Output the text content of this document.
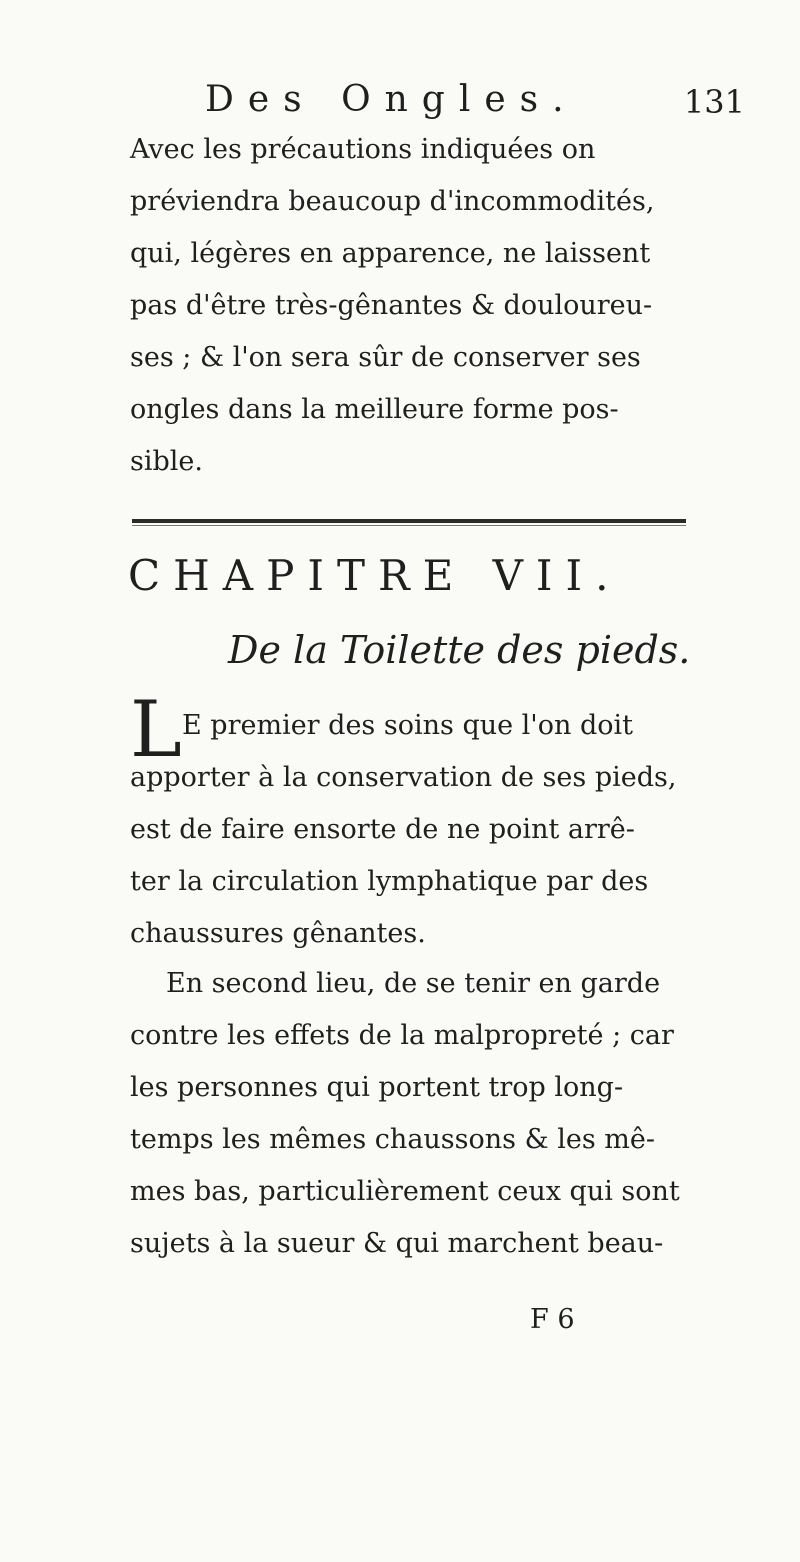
Des Ongles.	131

Avec les précautions indiquées on
préviendra beaucoup d'incommodités,
qui, légères en apparence, ne laissent
pas d'être très-gênantes & douloureu-
ses ; & l'on sera sûr de conserver ses
ongles dans la meilleure forme pos-
sible.

CHAPITRE VII.
De la Toilette des pieds.
L E premier des soins que l'on doit
apporter à la conservation de ses pieds,
est de faire ensorte de ne point arrê-
ter la circulation lymphatique par des
chaussures gênantes.

En second lieu, de se tenir en garde
contre les effets de la malpropreté ; car
les personnes qui portent trop long-
temps les mêmes chaussons & les mê-
mes bas, particulièrement ceux qui sont
sujets à la sueur & qui marchent beau-

F 6
